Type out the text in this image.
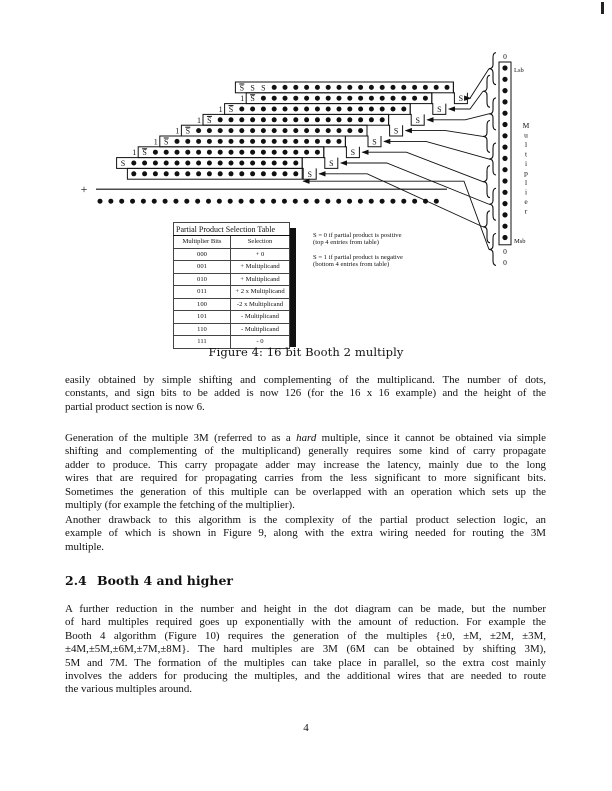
S S S
S
1 S
S
1 S
S
1 S
S
1 S
S
1 S
S
1 S
S
S
S
+
0
Lsb
Msb
0
0
M
u
l
t
i
p
l
i
e
r
Partial Product Selection Table	
Multiplier Bits	Selection
000	+ 0
001	+ Multiplicand
010	+ Multiplicand
011	+ 2 x Multiplicand
100	-2 x Multiplicand
101	- Multiplicand
110	- Multiplicand
111	- 0

S = 0 if partial product is positive
(top 4 entries from table)

S = 1 if partial product is negative
(bottom 4 entries from table)

Figure 4: 16 bit Booth 2 multiply
easily obtained by simple shifting and complementing of the multiplicand. The number of dots,
constants, and sign bits to be added is now 126 (for the 16 x 16 example) and the height of the
partial product section is now 6.
Generation of the multiple 3M (referred to as a hard multiple, since it cannot be obtained via simple
shifting and complementing of the multiplicand) generally requires some kind of carry propagate
adder to produce. This carry propagate adder may increase the latency, mainly due to the long
wires that are required for propagating carries from the less significant to more significant bits.
Sometimes the generation of this multiple can be overlapped with an operation which sets up the
multiply (for example the fetching of the multiplier).
Another drawback to this algorithm is the complexity of the partial product selection logic, an
example of which is shown in Figure 9, along with the extra wiring needed for routing the 3M
multiple.
2.4 Booth 4 and higher
A further reduction in the number and height in the dot diagram can be made, but the number
of hard multiples required goes up exponentially with the amount of reduction. For example the
Booth 4 algorithm (Figure 10) requires the generation of the multiples {±0, ±M, ±2M, ±3M,
±4M,±5M,±6M,±7M,±8M}. The hard multiples are 3M (6M can be obtained by shifting 3M),
5M and 7M. The formation of the multiples can take place in parallel, so the extra cost mainly
involves the adders for producing the multiples, and the additional wires that are needed to route
the various multiples around.
4
